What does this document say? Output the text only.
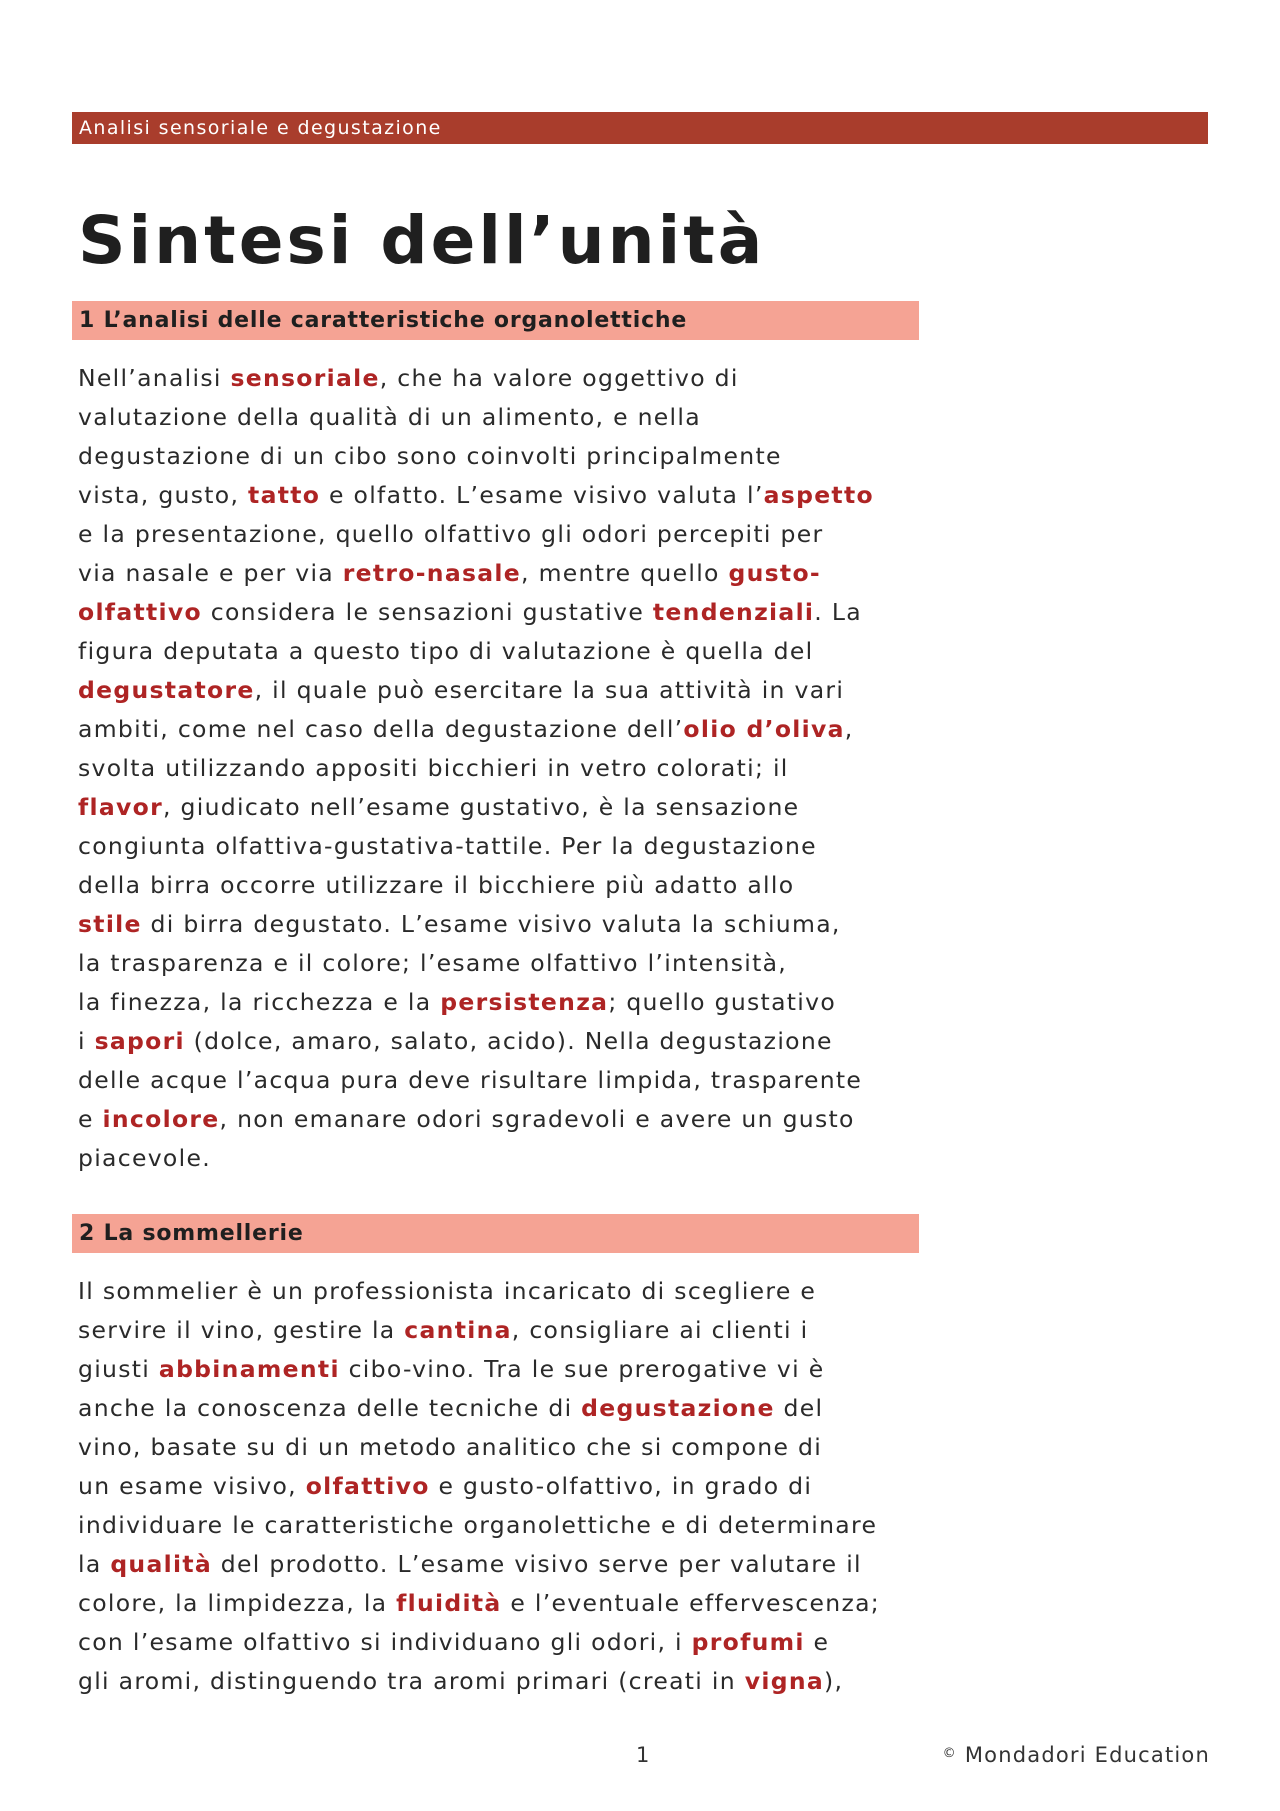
Analisi sensoriale e degustazione
Sintesi dell’unità
1 L’analisi delle caratteristiche organolettiche
Nell’analisi sensoriale, che ha valore oggettivo di
valutazione della qualità di un alimento, e nella
degustazione di un cibo sono coinvolti principalmente
vista, gusto, tatto e olfatto. L’esame visivo valuta l’aspetto
e la presentazione, quello olfattivo gli odori percepiti per
via nasale e per via retro-nasale, mentre quello gusto-
olfattivo considera le sensazioni gustative tendenziali. La
figura deputata a questo tipo di valutazione è quella del
degustatore, il quale può esercitare la sua attività in vari
ambiti, come nel caso della degustazione dell’olio d’oliva,
svolta utilizzando appositi bicchieri in vetro colorati; il
flavor, giudicato nell’esame gustativo, è la sensazione
congiunta olfattiva-gustativa-tattile. Per la degustazione
della birra occorre utilizzare il bicchiere più adatto allo
stile di birra degustato. L’esame visivo valuta la schiuma,
la trasparenza e il colore; l’esame olfattivo l’intensità,
la finezza, la ricchezza e la persistenza; quello gustativo
i sapori (dolce, amaro, salato, acido). Nella degustazione
delle acque l’acqua pura deve risultare limpida, trasparente
e incolore, non emanare odori sgradevoli e avere un gusto
piacevole.
2 La sommellerie
Il sommelier è un professionista incaricato di scegliere e
servire il vino, gestire la cantina, consigliare ai clienti i
giusti abbinamenti cibo-vino. Tra le sue prerogative vi è
anche la conoscenza delle tecniche di degustazione del
vino, basate su di un metodo analitico che si compone di
un esame visivo, olfattivo e gusto-olfattivo, in grado di
individuare le caratteristiche organolettiche e di determinare
la qualità del prodotto. L’esame visivo serve per valutare il
colore, la limpidezza, la fluidità e l’eventuale effervescenza;
con l’esame olfattivo si individuano gli odori, i profumi e
gli aromi, distinguendo tra aromi primari (creati in vigna),
1	© Mondadori Education
